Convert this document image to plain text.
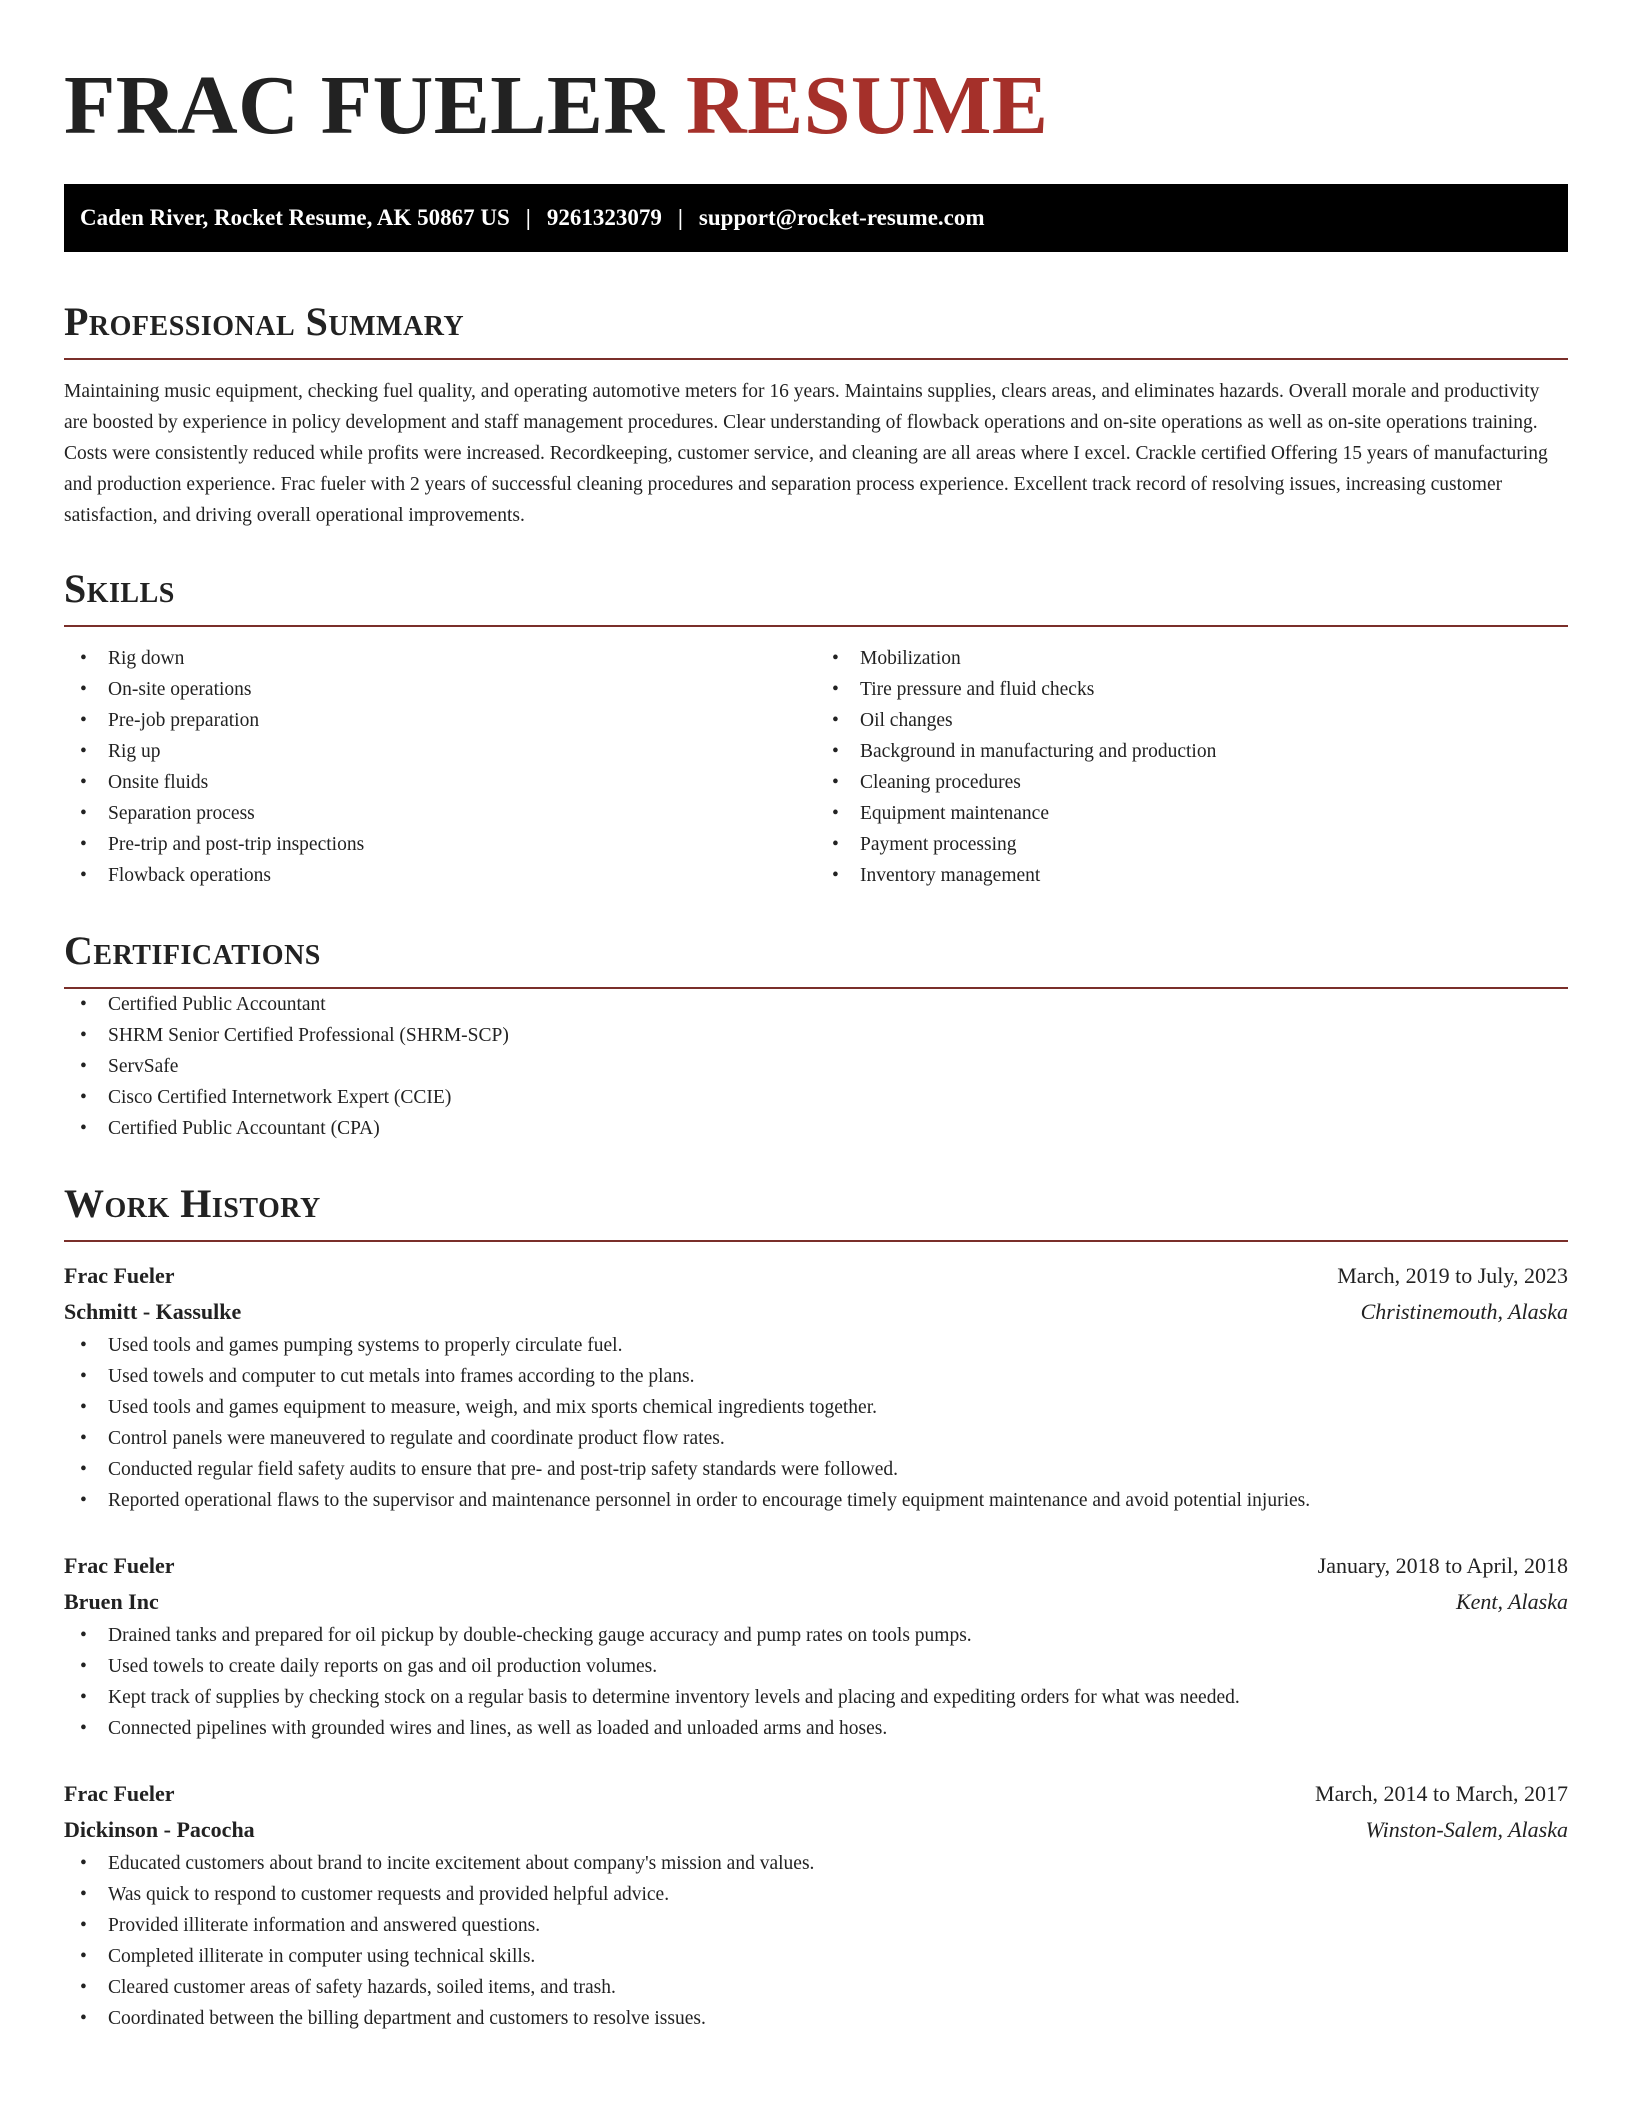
FRAC FUELER RESUME
Caden River, Rocket Resume, AK 50867 US | 9261323079 | support@rocket-resume.com
Professional Summary

Maintaining music equipment, checking fuel quality, and operating automotive meters for 16 years. Maintains supplies, clears areas, and eliminates hazards. Overall morale and productivity are boosted by experience in policy development and staff management procedures. Clear understanding of flowback operations and on-site operations as well as on-site operations training. Costs were consistently reduced while profits were increased. Recordkeeping, customer service, and cleaning are all areas where I excel. Crackle certified Offering 15 years of manufacturing and production experience. Frac fueler with 2 years of successful cleaning procedures and separation process experience. Excellent track record of resolving issues, increasing customer satisfaction, and driving overall operational improvements.

Skills
• Rig down
• On-site operations
• Pre-job preparation
• Rig up
• Onsite fluids
• Separation process
• Pre-trip and post-trip inspections
• Flowback operations
• Mobilization
• Tire pressure and fluid checks
• Oil changes
• Background in manufacturing and production
• Cleaning procedures
• Equipment maintenance
• Payment processing
• Inventory management
Certifications
• Certified Public Accountant
• SHRM Senior Certified Professional (SHRM-SCP)
• ServSafe
• Cisco Certified Internetwork Expert (CCIE)
• Certified Public Accountant (CPA)
Work History
Frac Fueler	March, 2019 to July, 2023
Schmitt - Kassulke	Christinemouth, Alaska
• Used tools and games pumping systems to properly circulate fuel.
• Used towels and computer to cut metals into frames according to the plans.
• Used tools and games equipment to measure, weigh, and mix sports chemical ingredients together.
• Control panels were maneuvered to regulate and coordinate product flow rates.
• Conducted regular field safety audits to ensure that pre- and post-trip safety standards were followed.
• Reported operational flaws to the supervisor and maintenance personnel in order to encourage timely equipment maintenance and avoid potential injuries.
Frac Fueler	January, 2018 to April, 2018
Bruen Inc	Kent, Alaska
• Drained tanks and prepared for oil pickup by double-checking gauge accuracy and pump rates on tools pumps.
• Used towels to create daily reports on gas and oil production volumes.
• Kept track of supplies by checking stock on a regular basis to determine inventory levels and placing and expediting orders for what was needed.
• Connected pipelines with grounded wires and lines, as well as loaded and unloaded arms and hoses.
Frac Fueler	March, 2014 to March, 2017
Dickinson - Pacocha	Winston-Salem, Alaska
• Educated customers about brand to incite excitement about company's mission and values.
• Was quick to respond to customer requests and provided helpful advice.
• Provided illiterate information and answered questions.
• Completed illiterate in computer using technical skills.
• Cleared customer areas of safety hazards, soiled items, and trash.
• Coordinated between the billing department and customers to resolve issues.
